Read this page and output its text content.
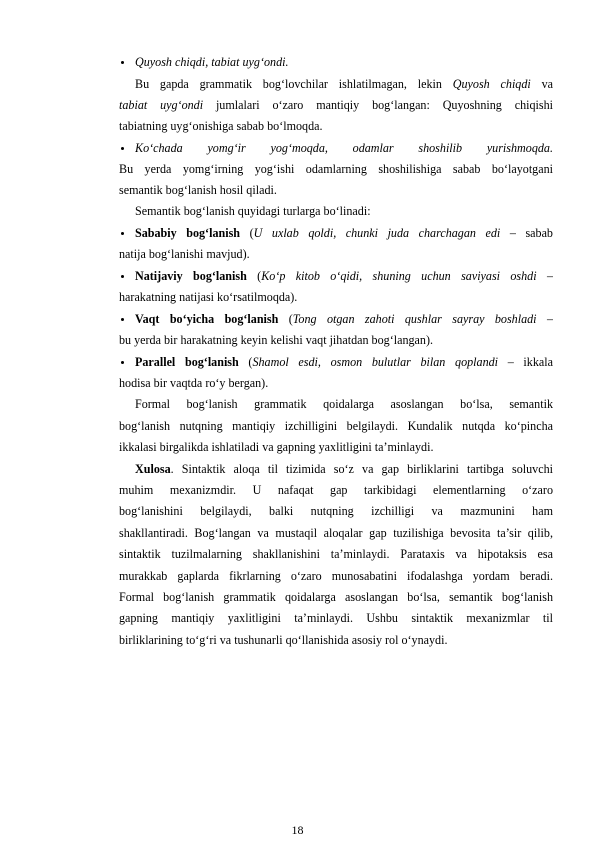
Quyosh chiqdi, tabiat uyg‘ondi.
Bu gapda grammatik bog‘lovchilar ishlatilmagan, lekin Quyosh chiqdi va
tabiat uyg‘ondi jumlalari o‘zaro mantiqiy bog‘langan: Quyoshning chiqishi
tabiatning uyg‘onishiga sabab bo‘lmoqda.
Ko‘chada yomg‘ir yog‘moqda, odamlar shoshilib yurishmoqda.
Bu yerda yomg‘irning yog‘ishi odamlarning shoshilishiga sabab bo‘layotgani
semantik bog‘lanish hosil qiladi.
Semantik bog‘lanish quyidagi turlarga bo‘linadi:
Sababiy bog‘lanish (U uxlab qoldi, chunki juda charchagan edi – sabab
natija bog‘lanishi mavjud).
Natijaviy bog‘lanish (Ko‘p kitob o‘qidi, shuning uchun saviyasi oshdi –
harakatning natijasi ko‘rsatilmoqda).
Vaqt bo‘yicha bog‘lanish (Tong otgan zahoti qushlar sayray boshladi –
bu yerda bir harakatning keyin kelishi vaqt jihatdan bog‘langan).
Parallel bog‘lanish (Shamol esdi, osmon bulutlar bilan qoplandi – ikkala
hodisa bir vaqtda ro‘y bergan).
Formal bog‘lanish grammatik qoidalarga asoslangan bo‘lsa, semantik
bog‘lanish nutqning mantiqiy izchilligini belgilaydi. Kundalik nutqda ko‘pincha
ikkalasi birgalikda ishlatiladi va gapning yaxlitligini ta’minlaydi.
Xulosa. Sintaktik aloqa til tizimida so‘z va gap birliklarini tartibga soluvchi
muhim mexanizmdir. U nafaqat gap tarkibidagi elementlarning o‘zaro
bog‘lanishini belgilaydi, balki nutqning izchilligi va mazmunini ham
shakllantiradi. Bog‘langan va mustaqil aloqalar gap tuzilishiga bevosita ta’sir qilib,
sintaktik tuzilmalarning shakllanishini ta’minlaydi. Parataxis va hipotaksis esa
murakkab gaplarda fikrlarning o‘zaro munosabatini ifodalashga yordam beradi.
Formal bog‘lanish grammatik qoidalarga asoslangan bo‘lsa, semantik bog‘lanish
gapning mantiqiy yaxlitligini ta’minlaydi. Ushbu sintaktik mexanizmlar til
birliklarining to‘g‘ri va tushunarli qo‘llanishida asosiy rol o‘ynaydi.
18
